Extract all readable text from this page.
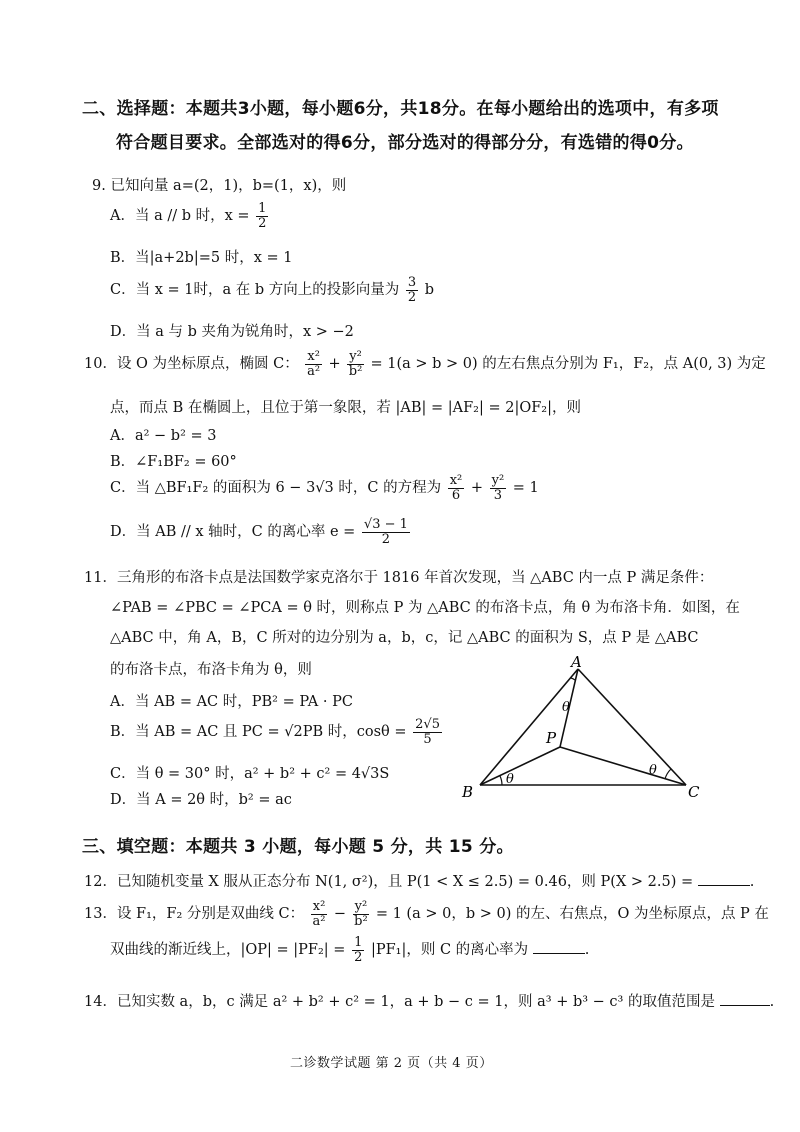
二、选择题：本题共3小题，每小题6分，共18分。在每小题给出的选项中，有多项
符合题目要求。全部选对的得6分，部分选对的得部分分，有选错的得0分。
9. 已知向量 a=(2，1)，b=(1，x)，则
A．当 a // b 时，$x = \frac{1}{2}$
B．当|a+2b|=5 时，x = 1
C．当 x = 1时，a 在 b 方向上的投影向量为 $\frac{3}{2}$ b
D．当 a 与 b 夹角为锐角时，x > −2
10．设 O 为坐标原点，椭圆 C： $\frac{\text{x²}}{\text{a²}} + \frac{\text{y²}}{\text{b²}} = 1(a > b > 0)$ 的左右焦点分别为 F₁，F₂，点 A(0, 3) 为定
点，而点 B 在椭圆上，且位于第一象限，若 |AB| = |AF₂| = 2|OF₂|，则
A．a² − b² = 3
B．∠F₁BF₂ = 60°
C．当 △BF₁F₂ 的面积为 6 − 3√3 时，C 的方程为 $\frac{\text{x²}}{6} + \frac{\text{y²}}{3} = 1$
D．当 AB // x 轴时，C 的离心率 $e = \frac{√3 - 1}{2}$
11．三角形的布洛卡点是法国数学家克洛尔于 1816 年首次发现，当 △ABC 内一点 P 满足条件：
∠PAB = ∠PBC = ∠PCA = θ 时，则称点 P 为 △ABC 的布洛卡点，角 θ 为布洛卡角．如图，在
△ABC 中，角 A，B，C 所对的边分别为 a，b，c，记 △ABC 的面积为 S，点 P 是 △ABC
的布洛卡点，布洛卡角为 θ，则
A．当 AB = AC 时，PB² = PA · PC
B．当 AB = AC 且 PC = √2PB 时，$\cos\theta = \frac{2√5}{5}$
C．当 θ = 30° 时，a² + b² + c² = 4√3S
D．当 A = 2θ 时，b² = ac
A
B	C
P
θ
θ
θ
三、填空题：本题共 3 小题，每小题 5 分，共 15 分。
12．已知随机变量 X 服从正态分布 N(1, σ²)，且 P(1 < X ≤ 2.5) = 0.46，则 P(X > 2.5) =	.
13．设 F₁，F₂ 分别是双曲线 C： $\frac{\text{x²}}{\text{a²}} - \frac{\text{y²}}{\text{b²}} = 1$ (a > 0，b > 0) 的左、右焦点，O 为坐标原点，点 P 在
双曲线的渐近线上，$|OP| = |PF_2| = \frac{1}{2} |PF_1|$，则 C 的离心率为	.
14．已知实数 a，b，c 满足 a² + b² + c² = 1，a + b − c = 1，则 a³ + b³ − c³ 的取值范围是	.
二诊数学试题 第 2 页（共 4 页）
